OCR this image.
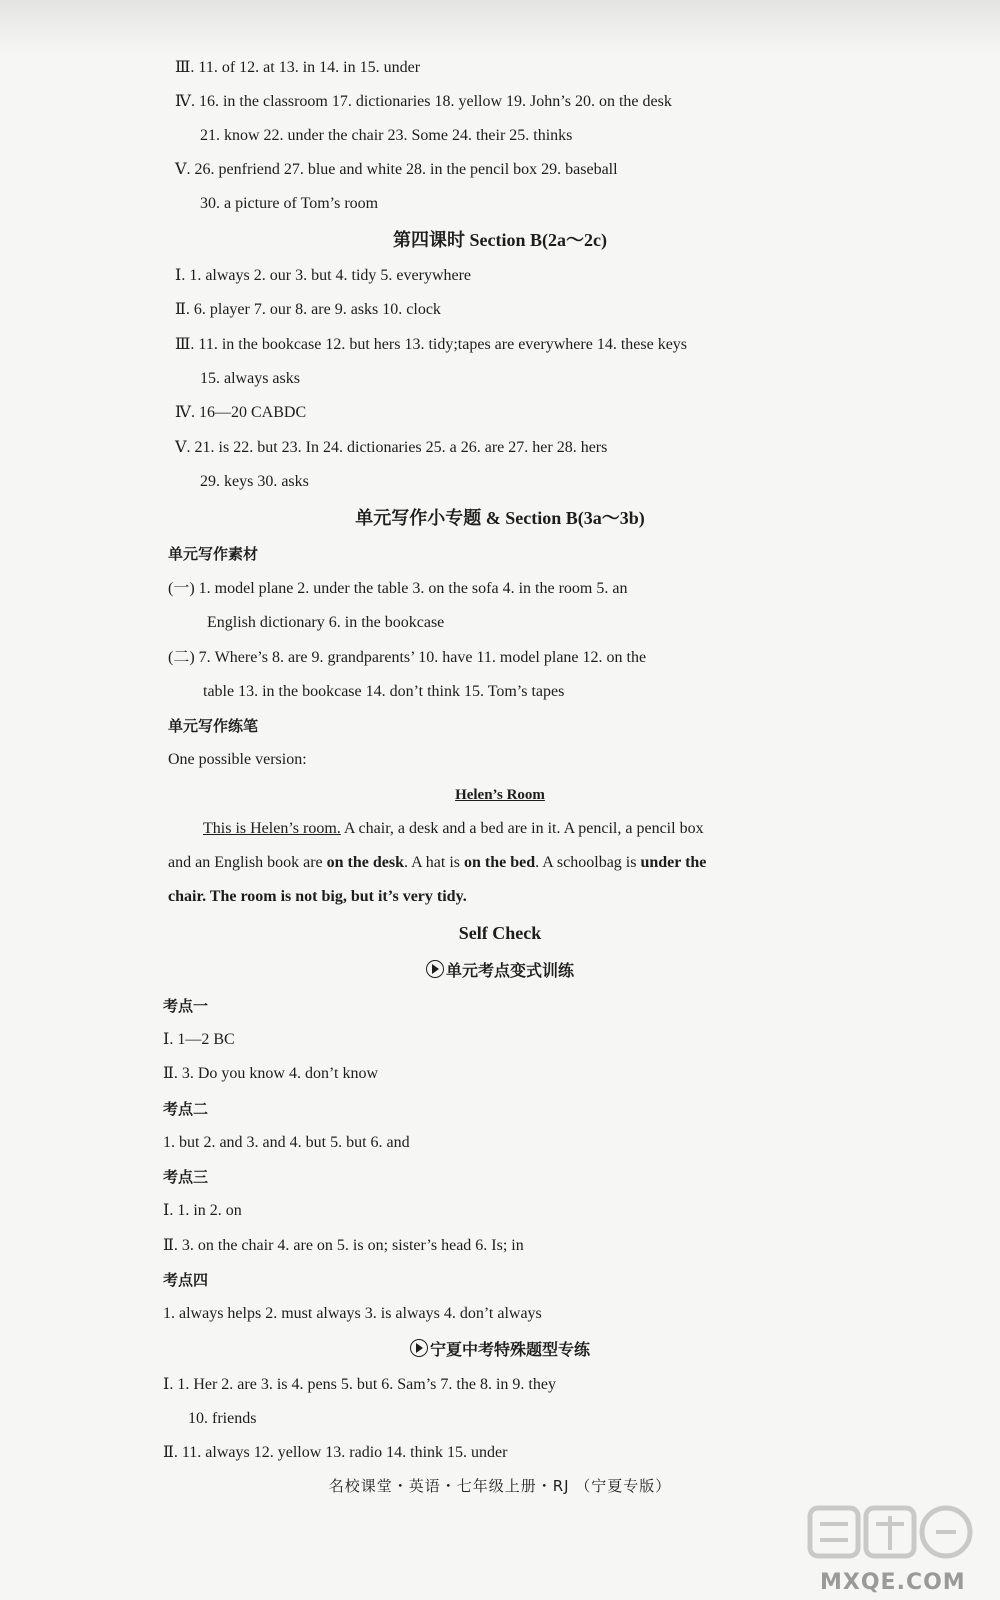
Ⅲ. 11. of 12. at 13. in 14. in 15. under
Ⅳ. 16. in the classroom 17. dictionaries 18. yellow 19. John’s 20. on the desk
21. know 22. under the chair 23. Some 24. their 25. thinks
Ⅴ. 26. penfriend 27. blue and white 28. in the pencil box 29. baseball
30. a picture of Tom’s room
第四课时 Section B(2a～2c)
Ⅰ. 1. always 2. our 3. but 4. tidy 5. everywhere
Ⅱ. 6. player 7. our 8. are 9. asks 10. clock
Ⅲ. 11. in the bookcase 12. but hers 13. tidy;tapes are everywhere 14. these keys
15. always asks
Ⅳ. 16—20 CABDC
Ⅴ. 21. is 22. but 23. In 24. dictionaries 25. a 26. are 27. her 28. hers
29. keys 30. asks
单元写作小专题 & Section B(3a～3b)
单元写作素材
(一) 1. model plane 2. under the table 3. on the sofa 4. in the room 5. an
English dictionary 6. in the bookcase
(二) 7. Where’s 8. are 9. grandparents’ 10. have 11. model plane 12. on the
table 13. in the bookcase 14. don’t think 15. Tom’s tapes
单元写作练笔
One possible version:
Helen’s Room
This is Helen’s room. A chair, a desk and a bed are in it. A pencil, a pencil box
and an English book are on the desk. A hat is on the bed. A schoolbag is under the
chair. The room is not big, but it’s very tidy.
Self Check
单元考点变式训练
考点一
Ⅰ. 1—2 BC
Ⅱ. 3. Do you know 4. don’t know
考点二
1. but 2. and 3. and 4. but 5. but 6. and
考点三
Ⅰ. 1. in 2. on
Ⅱ. 3. on the chair 4. are on 5. is on; sister’s head 6. Is; in
考点四
1. always helps 2. must always 3. is always 4. don’t always
宁夏中考特殊题型专练
Ⅰ. 1. Her 2. are 3. is 4. pens 5. but 6. Sam’s 7. the 8. in 9. they
10. friends
Ⅱ. 11. always 12. yellow 13. radio 14. think 15. under
名校课堂・英语・七年级上册・RJ （宁夏专版）
MXQE.COM
